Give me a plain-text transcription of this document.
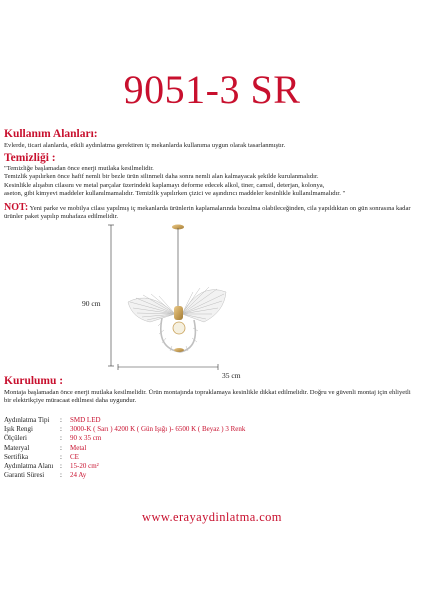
9051-3 SR
Kullanım Alanları:
Evlerde, ticari alanlarda, etkili aydınlatma gerektiren iç mekanlarda kullanıma uygun olarak tasarlanmıştır.
Temizliği :
"Temizliğe başlamadan önce enerji mutlaka kesilmelidir.
Temizlik yapılırken önce hafif nemli bir bezle ürün silinmeli daha sonra nemli alan kalmayacak şekilde kurulanmalıdır.
Kesinlikle alışabın cilasını ve metal parçalar üzerindeki kaplamayı deforme edecek alkol, tiner, camsil, deterjan, kolonya,
aseton, gibi kimyevi maddeler kullanılmamalıdır. Temizlik yapılırken çizici ve aşındırıcı maddeler kesinlikle kullanılmamalıdır. "
NOT: Yeni parke ve mobilya cilası yapılmış iç mekanlarda ürünlerin kaplamalarında bozulma olabileceğinden, cila yapıldıktan on gün sonrasına kadar ürünler paket yapılıp muhafaza edilmelidir.
90 cm
35 cm
Kurulumu :
Montaja başlamadan önce enerji mutlaka kesilmelidir. Ürün montajında topraklamaya kesinlikle dikkat edilmelidir. Doğru ve güvenli montaj için ehliyetli bir elektrikçiye müracaat edilmesi daha uygundur.
Aydınlatma Tipi	:	SMD LED
Işık Rengi	:	3000-K ( Sarı ) 4200 K ( Gün Işığı )- 6500 K ( Beyaz ) 3 Renk
Ölçüleri	:	90 x 35 cm
Materyal	:	Metal
Sertifika	:	CE
Aydınlatma Alanı :	15-20 cm²
Garanti Süresi	:	24 Ay
www.erayaydinlatma.com
